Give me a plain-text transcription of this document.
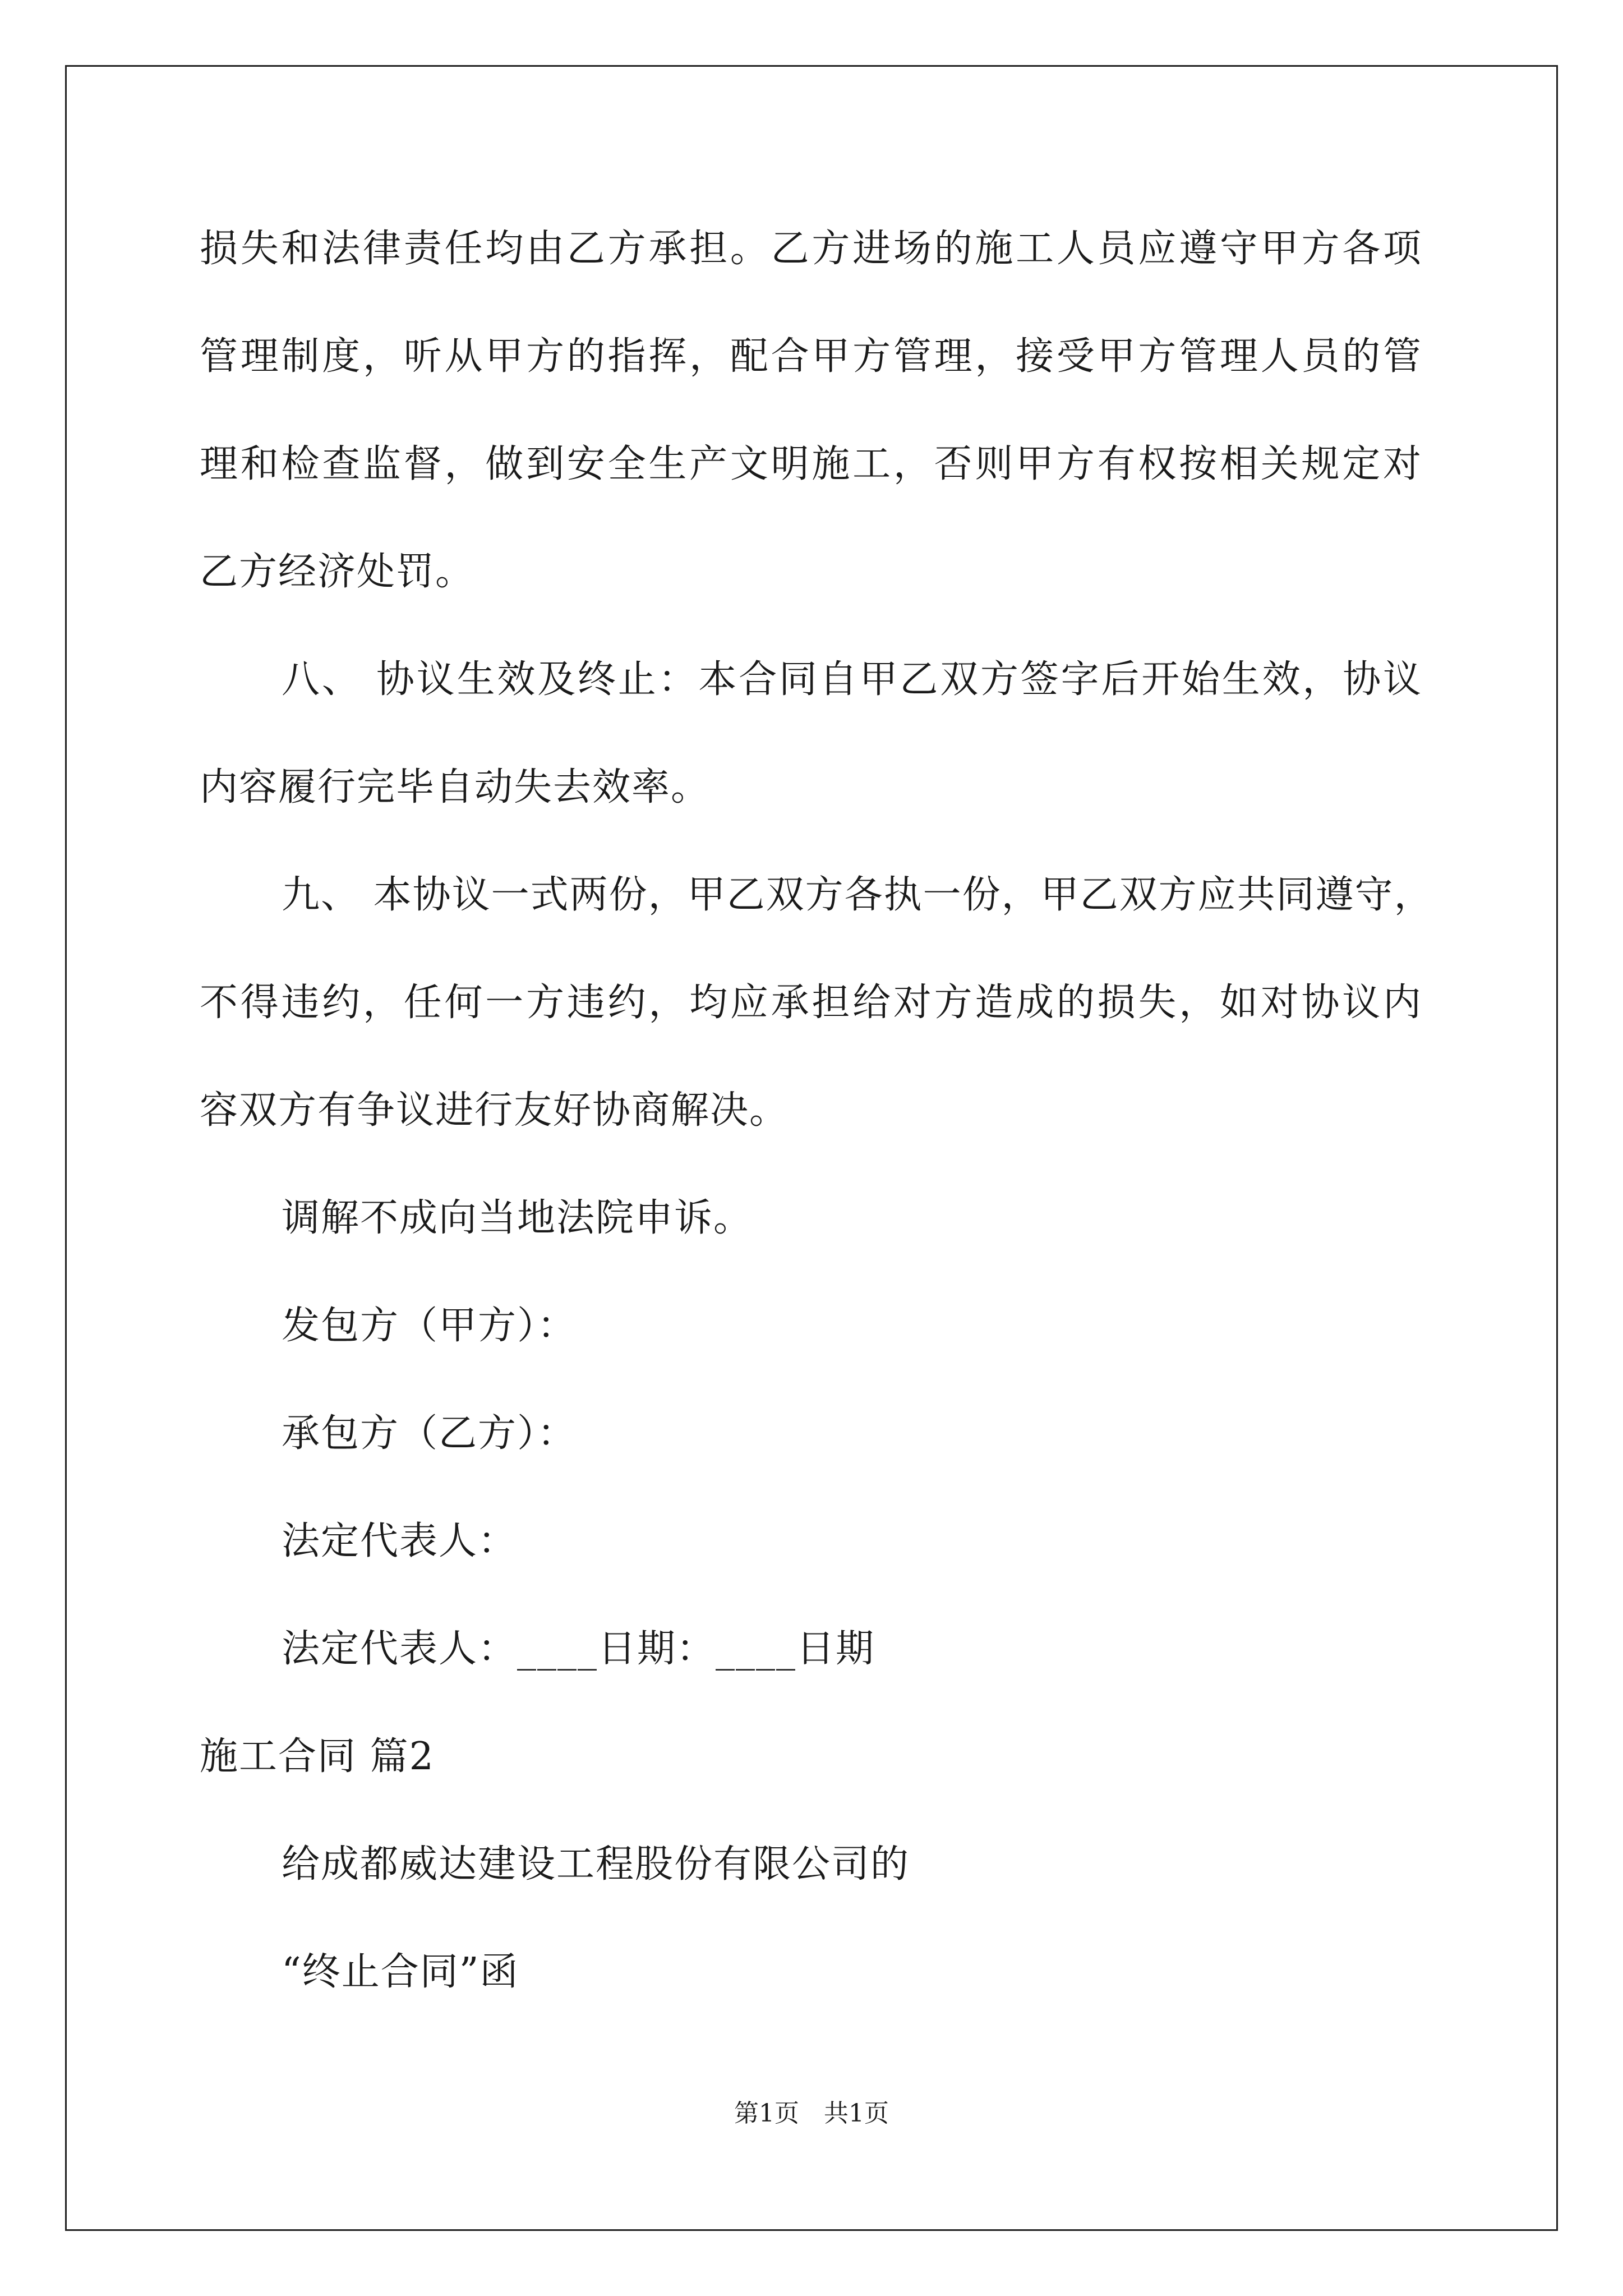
损失和法律责任均由乙方承担。乙方进场的施工人员应遵守甲方各项
管理制度，听从甲方的指挥，配合甲方管理，接受甲方管理人员的管
理和检查监督，做到安全生产文明施工，否则甲方有权按相关规定对
乙方经济处罚。
八、 协议生效及终止：本合同自甲乙双方签字后开始生效，协议
内容履行完毕自动失去效率。
九、 本协议一式两份，甲乙双方各执一份，甲乙双方应共同遵守，
不得违约，任何一方违约，均应承担给对方造成的损失，如对协议内
容双方有争议进行友好协商解决。
调解不成向当地法院申诉。
发包方（甲方）：
承包方（乙方）：
法定代表人：
法定代表人：____日期：____日期
施工合同 篇2
给成都威达建设工程股份有限公司的
“终止合同”函
第1页 共1页
